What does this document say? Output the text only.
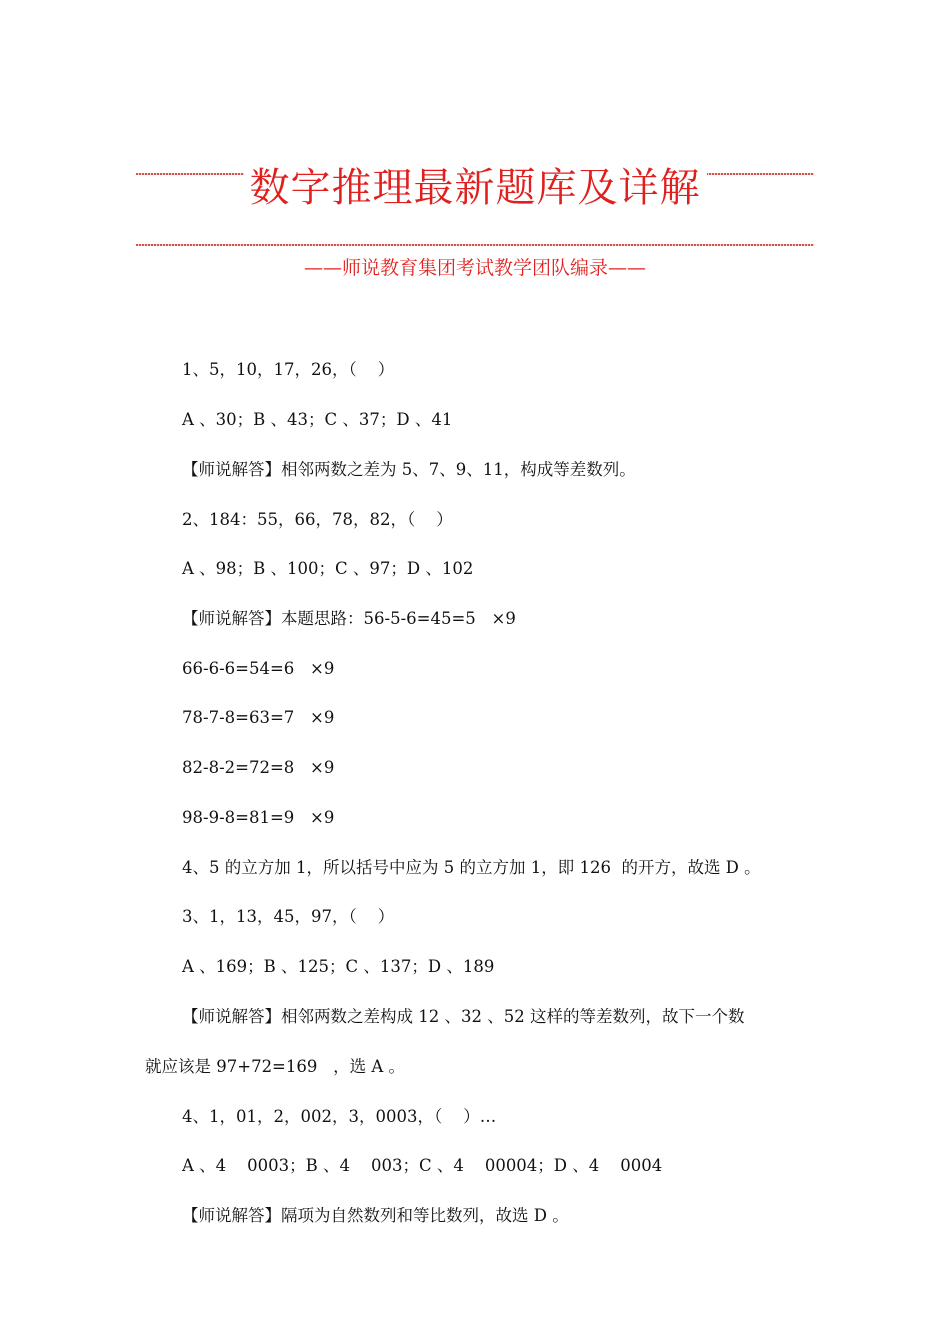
数字推理最新题库及详解
——师说教育集团考试教学团队编录——
1、5，10，17，26，（    ）
A 、30；B 、43；C 、37；D 、41
【师说解答】相邻两数之差为 5、7、9、11，构成等差数列。
2、184：55，66，78，82，（    ）
A 、98；B 、100；C 、97；D 、102
【师说解答】本题思路：56-5-6=45=5   ×9
66-6-6=54=6   ×9
78-7-8=63=7   ×9
82-8-2=72=8   ×9
98-9-8=81=9   ×9
4、5 的立方加 1，所以括号中应为 5 的立方加 1，即 126  的开方，故选 D 。
3、1，13，45，97，（    ）
A 、169；B 、125；C 、137；D 、189
【师说解答】相邻两数之差构成 12 、32 、52 这样的等差数列，故下一个数
就应该是 97+72=169   ，选 A 。
4、1，01，2，002，3，0003，（    ）…
A 、4    0003；B 、4    003；C 、4    00004；D 、4    0004
【师说解答】隔项为自然数列和等比数列，故选 D 。
